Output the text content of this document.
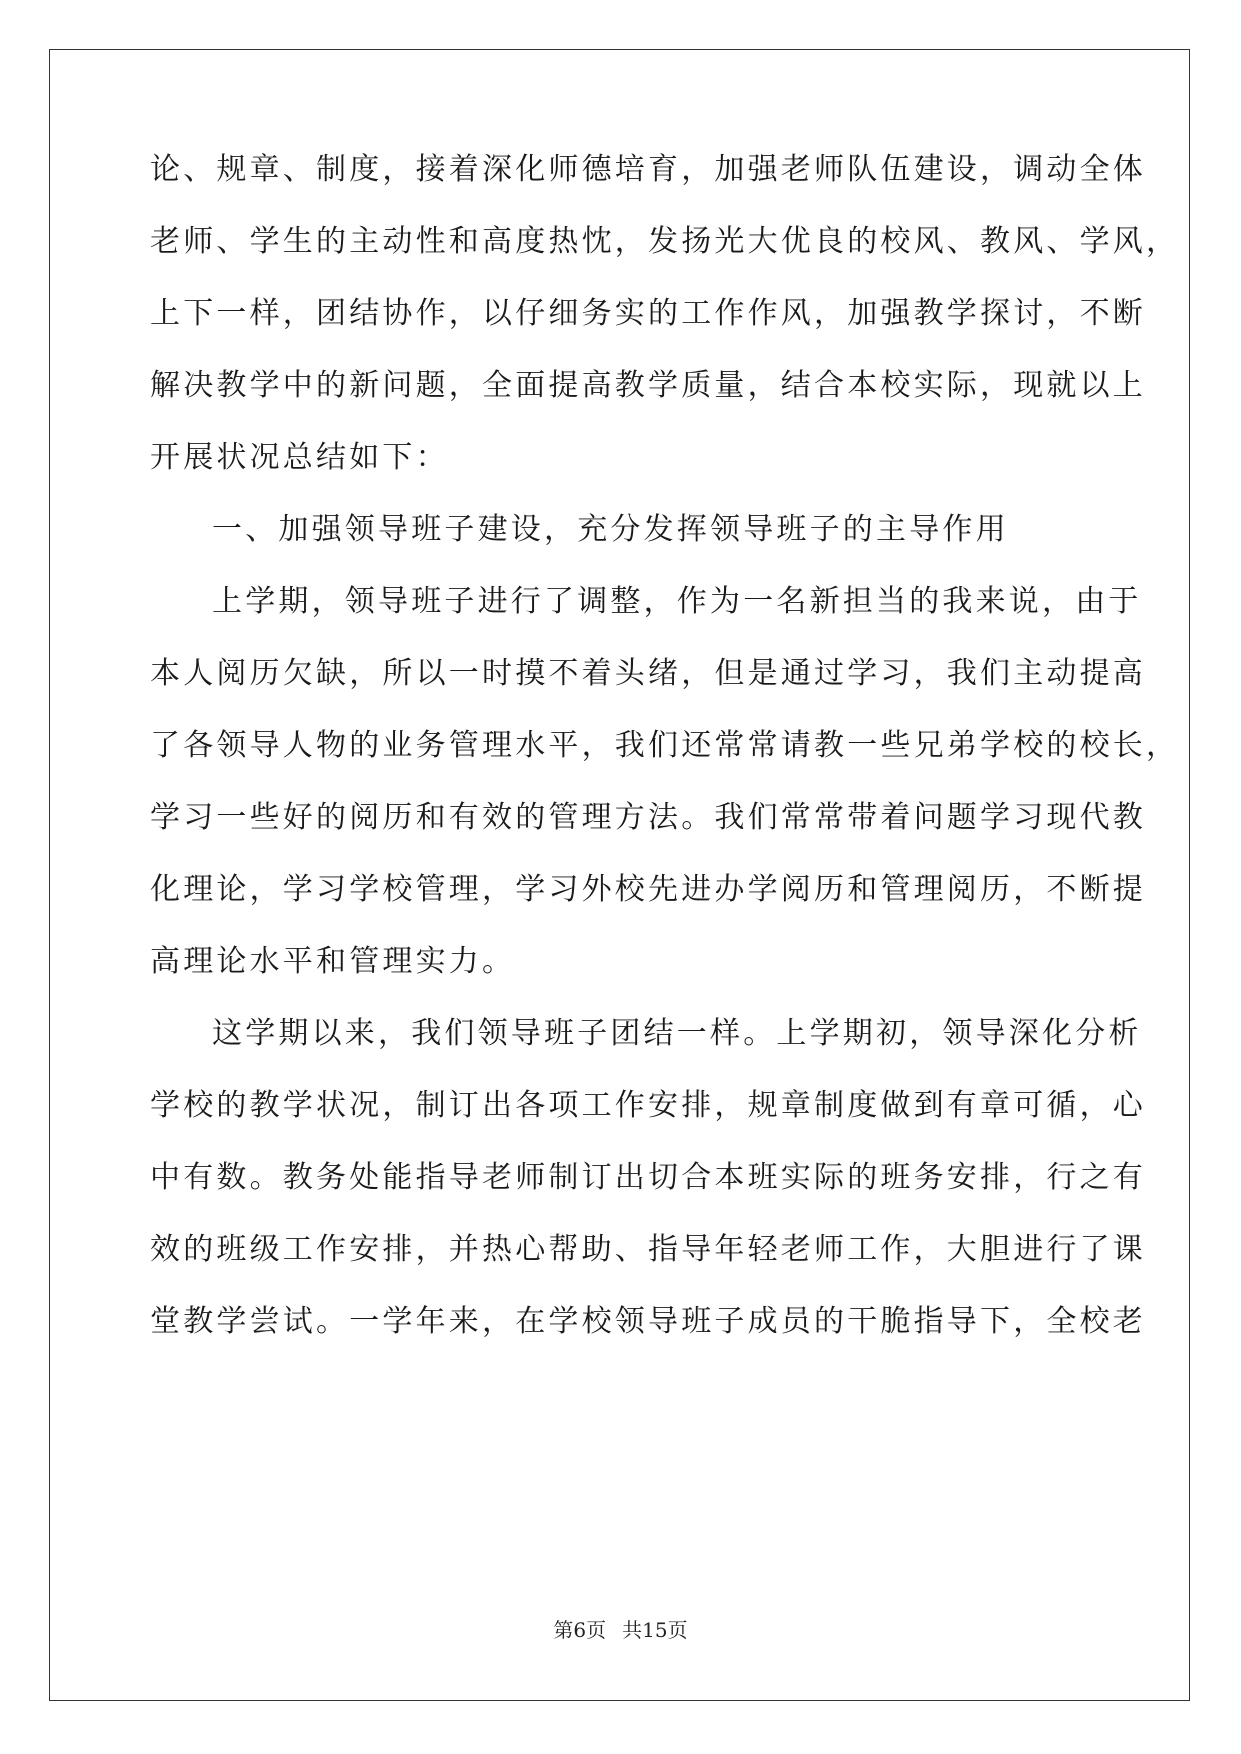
论、规章、制度，接着深化师德培育，加强老师队伍建设，调动全体
老师、学生的主动性和高度热忱，发扬光大优良的校风、教风、学风，
上下一样，团结协作，以仔细务实的工作作风，加强教学探讨，不断
解决教学中的新问题，全面提高教学质量，结合本校实际，现就以上
开展状况总结如下：
一、加强领导班子建设，充分发挥领导班子的主导作用
上学期，领导班子进行了调整，作为一名新担当的我来说，由于
本人阅历欠缺，所以一时摸不着头绪，但是通过学习，我们主动提高
了各领导人物的业务管理水平，我们还常常请教一些兄弟学校的校长，
学习一些好的阅历和有效的管理方法。我们常常带着问题学习现代教
化理论，学习学校管理，学习外校先进办学阅历和管理阅历，不断提
高理论水平和管理实力。
这学期以来，我们领导班子团结一样。上学期初，领导深化分析
学校的教学状况，制订出各项工作安排，规章制度做到有章可循，心
中有数。教务处能指导老师制订出切合本班实际的班务安排，行之有
效的班级工作安排，并热心帮助、指导年轻老师工作，大胆进行了课
堂教学尝试。一学年来，在学校领导班子成员的干脆指导下，全校老
第6页 共15页
